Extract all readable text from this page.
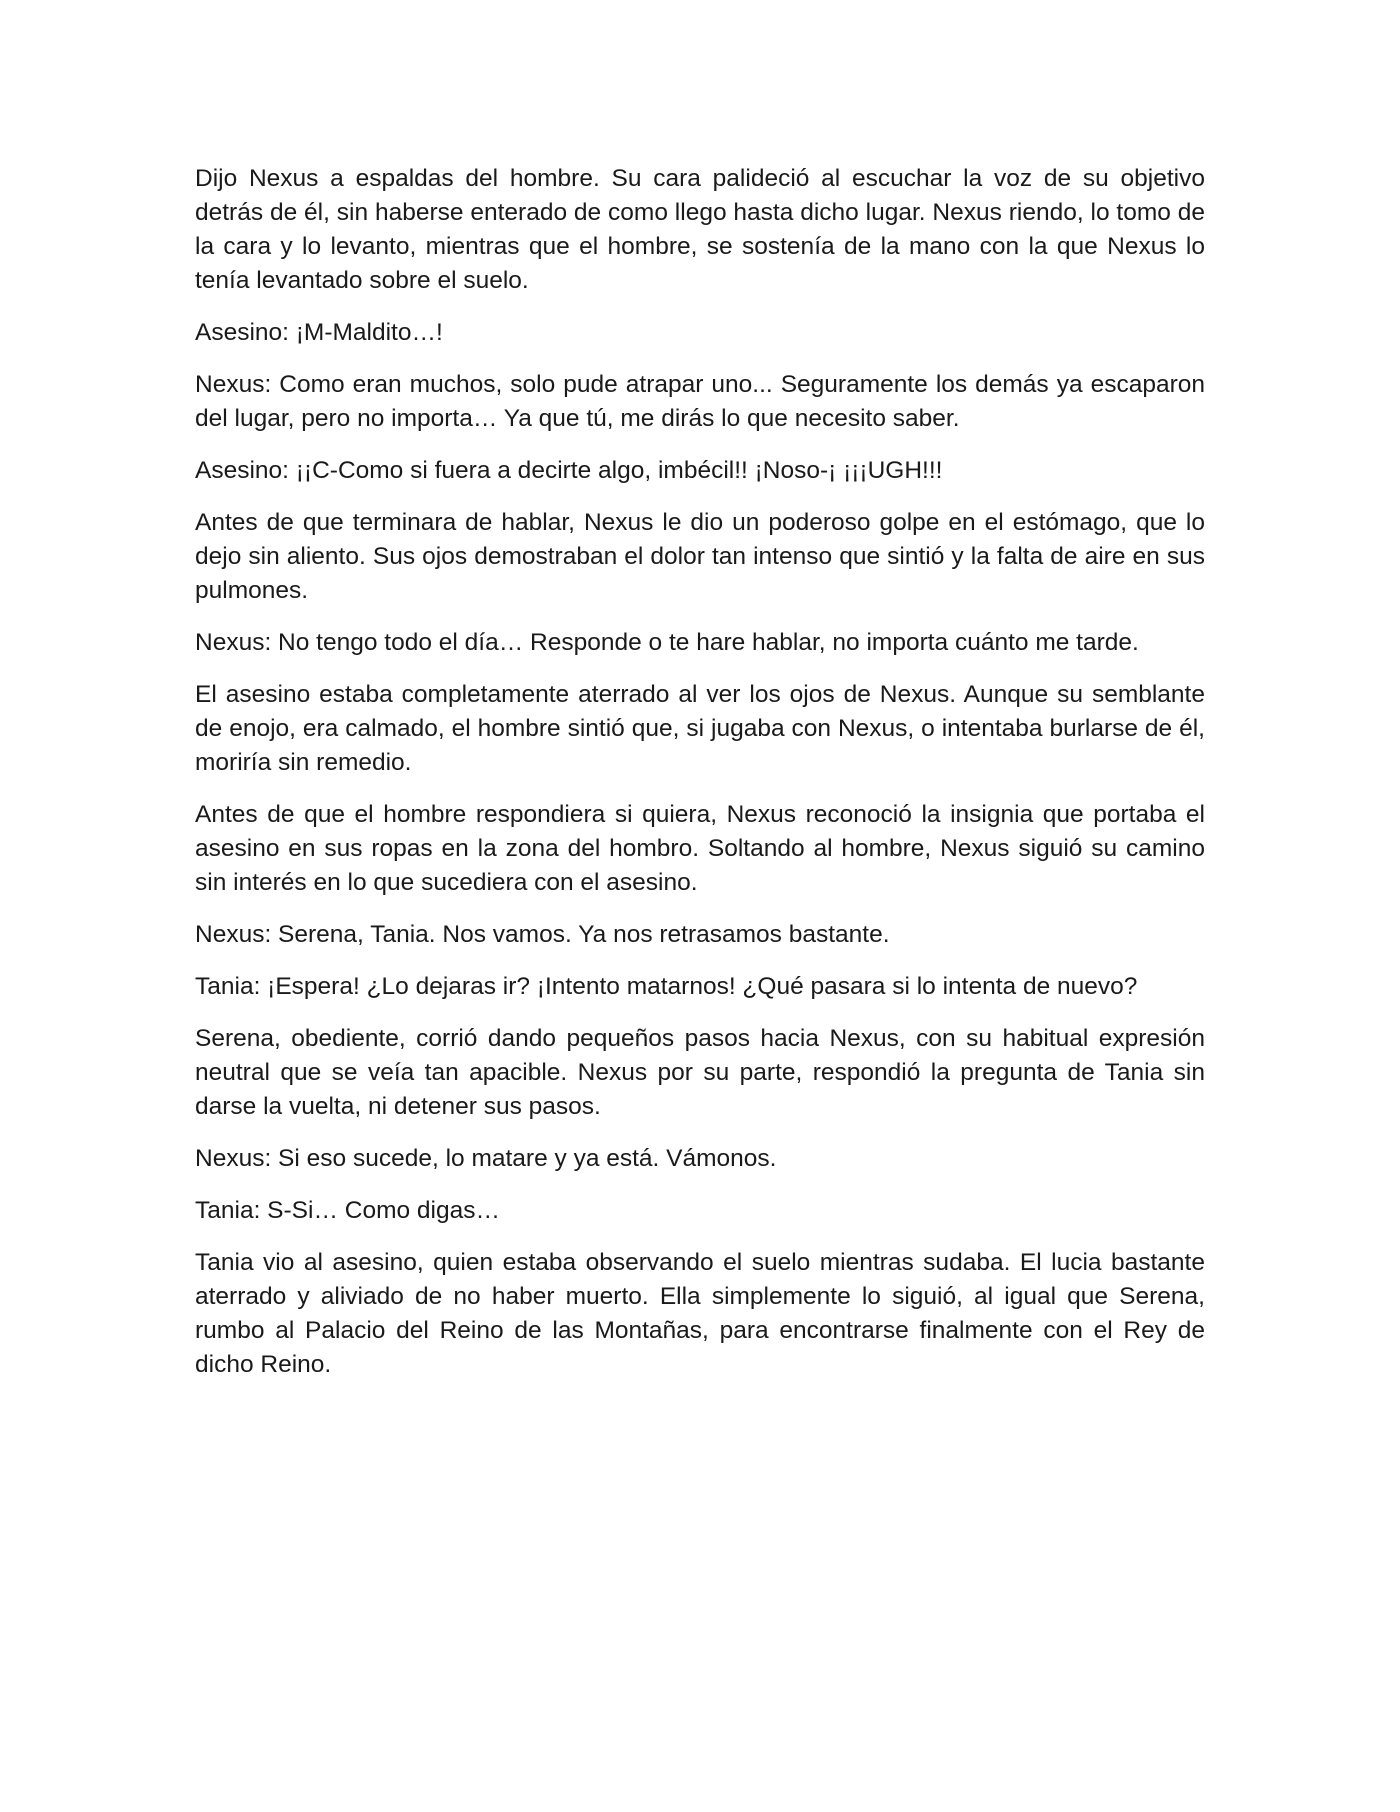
Dijo Nexus a espaldas del hombre. Su cara palideció al escuchar la voz de su objetivo detrás de él, sin haberse enterado de como llego hasta dicho lugar. Nexus riendo, lo tomo de la cara y lo levanto, mientras que el hombre, se sostenía de la mano con la que Nexus lo tenía levantado sobre el suelo.

Asesino: ¡M-Maldito…!

Nexus: Como eran muchos, solo pude atrapar uno... Seguramente los demás ya escaparon del lugar, pero no importa… Ya que tú, me dirás lo que necesito saber.

Asesino: ¡¡C-Como si fuera a decirte algo, imbécil!! ¡Noso-¡ ¡¡¡UGH!!!

Antes de que terminara de hablar, Nexus le dio un poderoso golpe en el estómago, que lo dejo sin aliento. Sus ojos demostraban el dolor tan intenso que sintió y la falta de aire en sus pulmones.

Nexus: No tengo todo el día… Responde o te hare hablar, no importa cuánto me tarde.

El asesino estaba completamente aterrado al ver los ojos de Nexus. Aunque su semblante de enojo, era calmado, el hombre sintió que, si jugaba con Nexus, o intentaba burlarse de él, moriría sin remedio.

Antes de que el hombre respondiera si quiera, Nexus reconoció la insignia que portaba el asesino en sus ropas en la zona del hombro. Soltando al hombre, Nexus siguió su camino sin interés en lo que sucediera con el asesino.

Nexus: Serena, Tania. Nos vamos. Ya nos retrasamos bastante.

Tania: ¡Espera! ¿Lo dejaras ir? ¡Intento matarnos! ¿Qué pasara si lo intenta de nuevo?

Serena, obediente, corrió dando pequeños pasos hacia Nexus, con su habitual expresión neutral que se veía tan apacible. Nexus por su parte, respondió la pregunta de Tania sin darse la vuelta, ni detener sus pasos.

Nexus: Si eso sucede, lo matare y ya está. Vámonos.

Tania: S-Si… Como digas…

Tania vio al asesino, quien estaba observando el suelo mientras sudaba. El lucia bastante aterrado y aliviado de no haber muerto. Ella simplemente lo siguió, al igual que Serena, rumbo al Palacio del Reino de las Montañas, para encontrarse finalmente con el Rey de dicho Reino.
